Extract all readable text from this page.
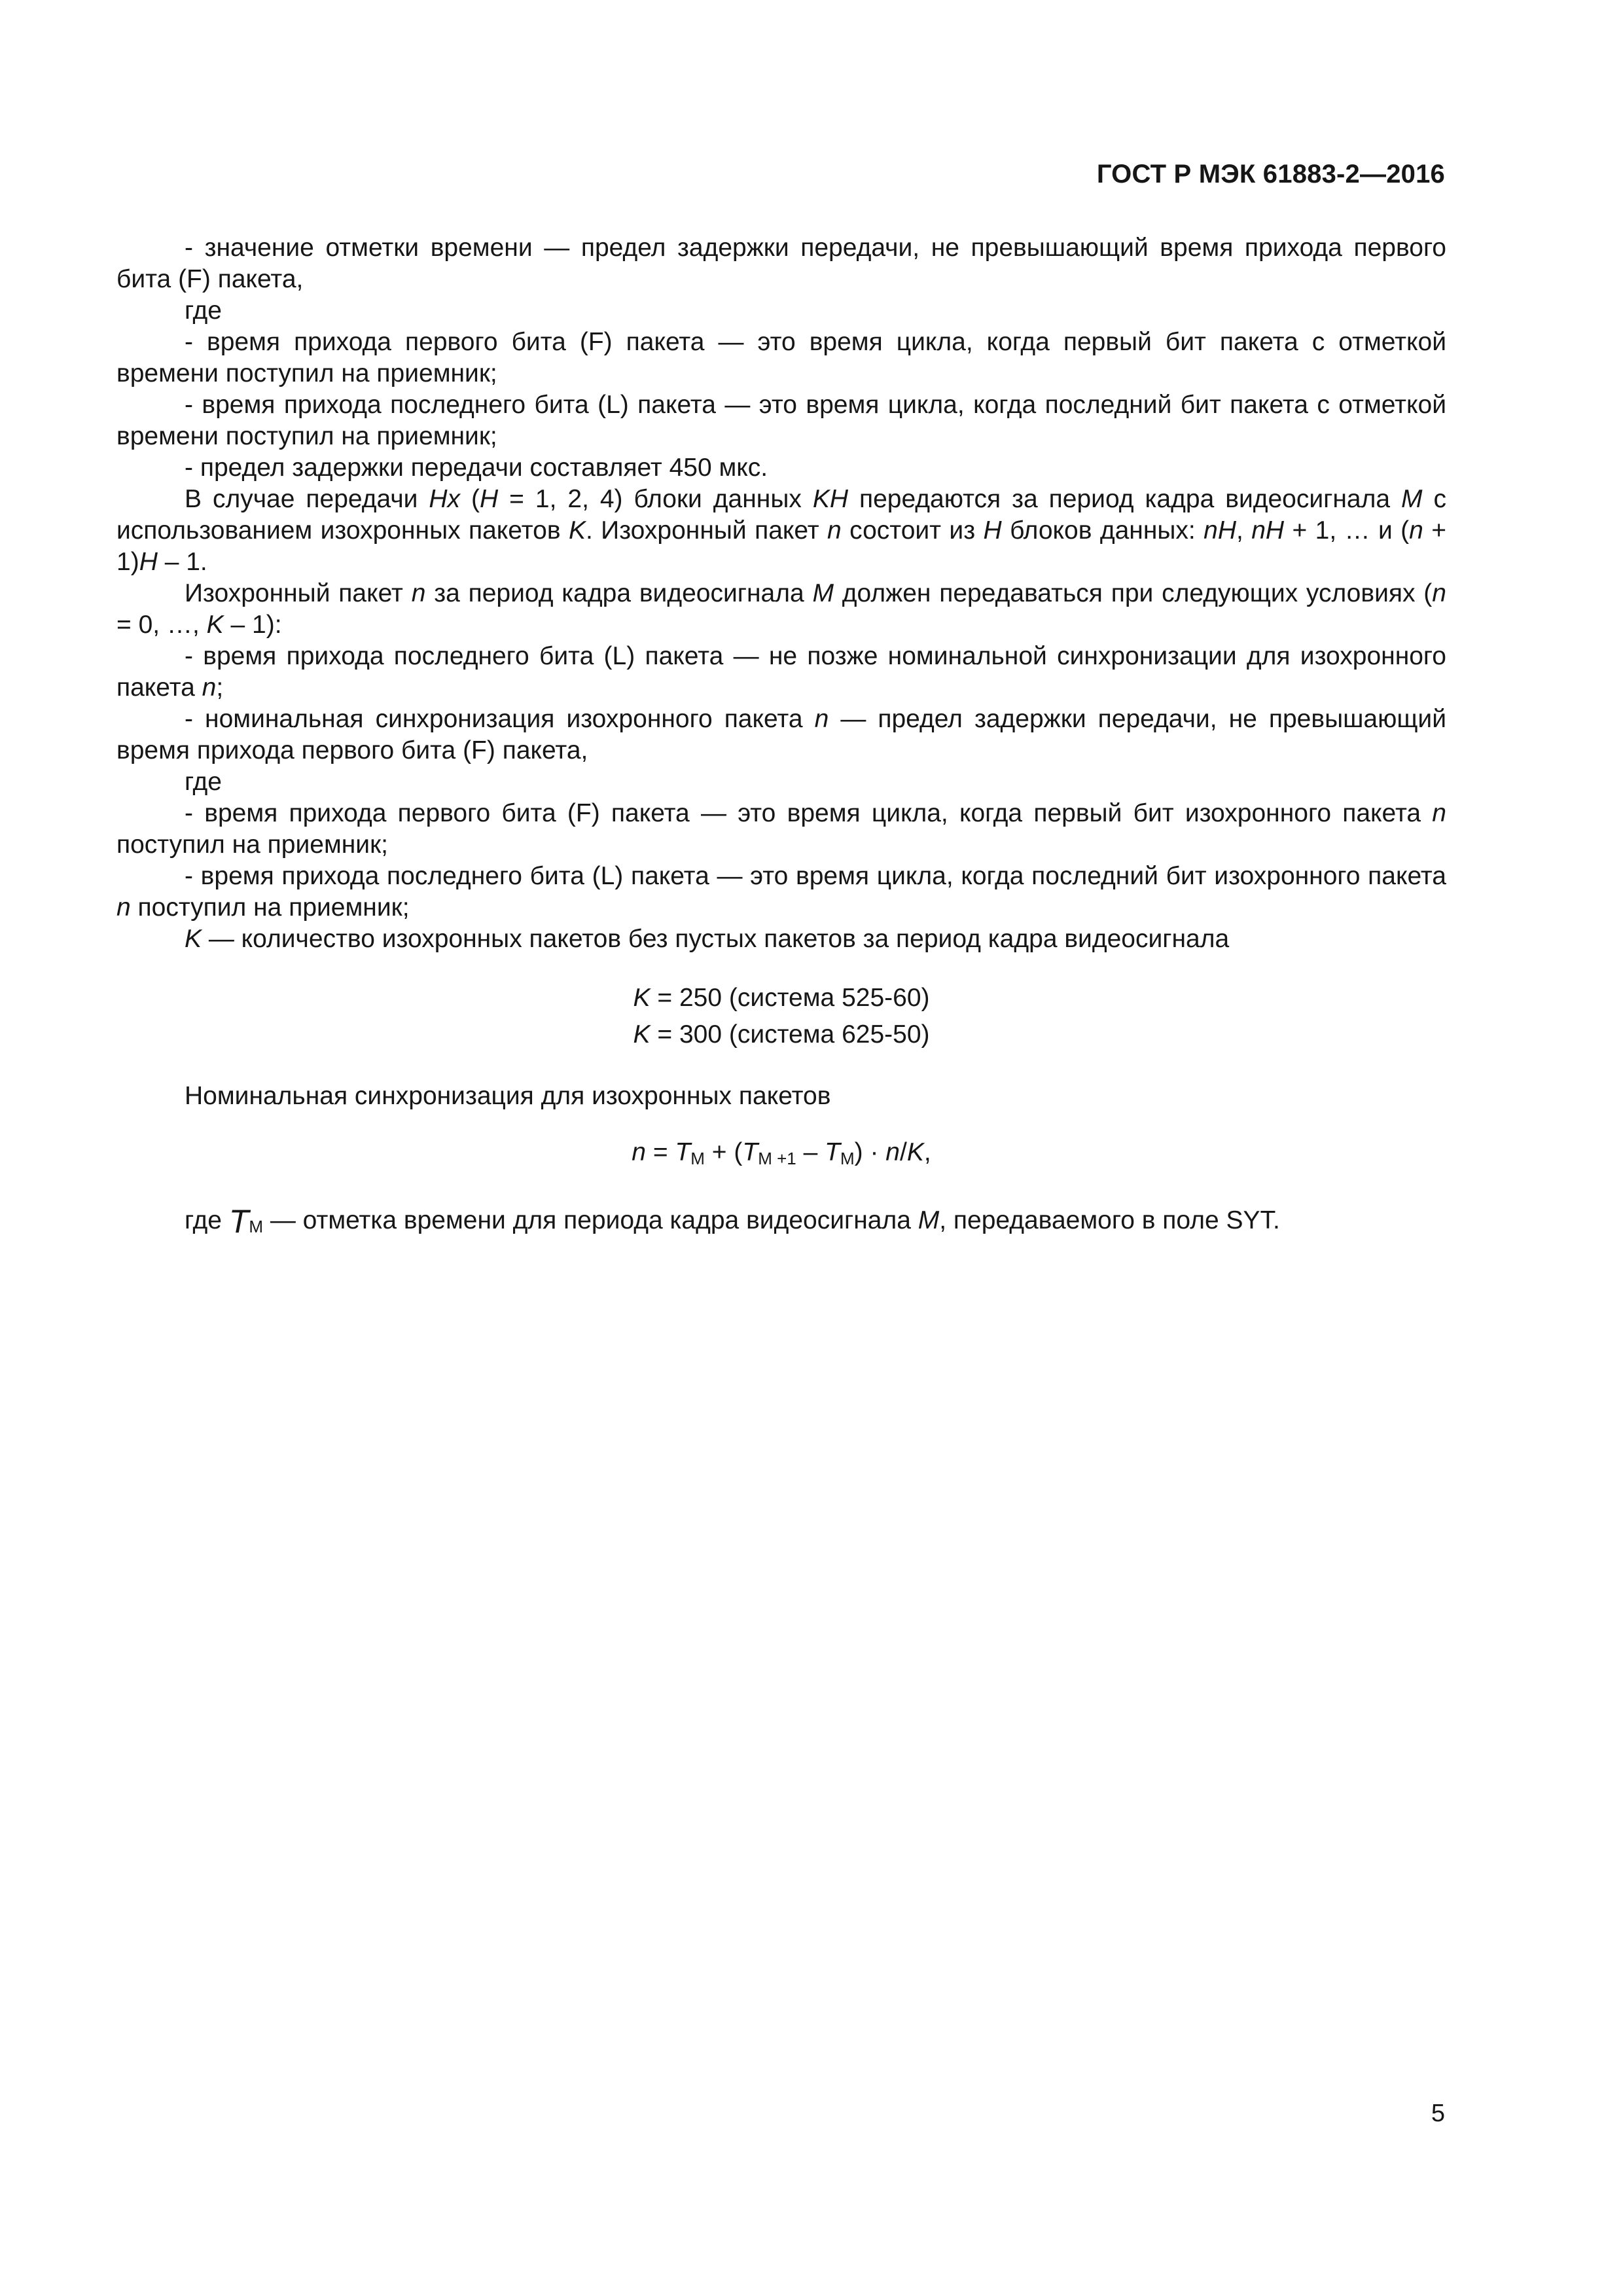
ГОСТ Р МЭК 61883-2—2016

- значение отметки времени — предел задержки передачи, не превышающий время прихода первого бита (F) пакета,

где

- время прихода первого бита (F) пакета — это время цикла, когда первый бит пакета с отметкой времени поступил на приемник;

- время прихода последнего бита (L) пакета — это время цикла, когда последний бит пакета с отметкой времени поступил на приемник;

- предел задержки передачи составляет 450 мкс.

В случае передачи Hx (H = 1, 2, 4) блоки данных KH передаются за период кадра видеосигнала M с использованием изохронных пакетов K. Изохронный пакет n состоит из H блоков данных: nH, nH + 1, … и (n + 1)H – 1.

Изохронный пакет n за период кадра видеосигнала M должен передаваться при следующих условиях (n = 0, …, K – 1):

- время прихода последнего бита (L) пакета — не позже номинальной синхронизации для изохронного пакета n;

- номинальная синхронизация изохронного пакета n — предел задержки передачи, не превышающий время прихода первого бита (F) пакета,

где

- время прихода первого бита (F) пакета — это время цикла, когда первый бит изохронного пакета n поступил на приемник;

- время прихода последнего бита (L) пакета — это время цикла, когда последний бит изохронного пакета n поступил на приемник;

K — количество изохронных пакетов без пустых пакетов за период кадра видеосигнала

K = 250 (система 525-60)
K = 300 (система 625-50)

Номинальная синхронизация для изохронных пакетов

$n = T_M + (T_{M +1} - T_M) \cdot n/K$,

где $T_M$ — отметка времени для периода кадра видеосигнала M, передаваемого в поле SYT.

5
